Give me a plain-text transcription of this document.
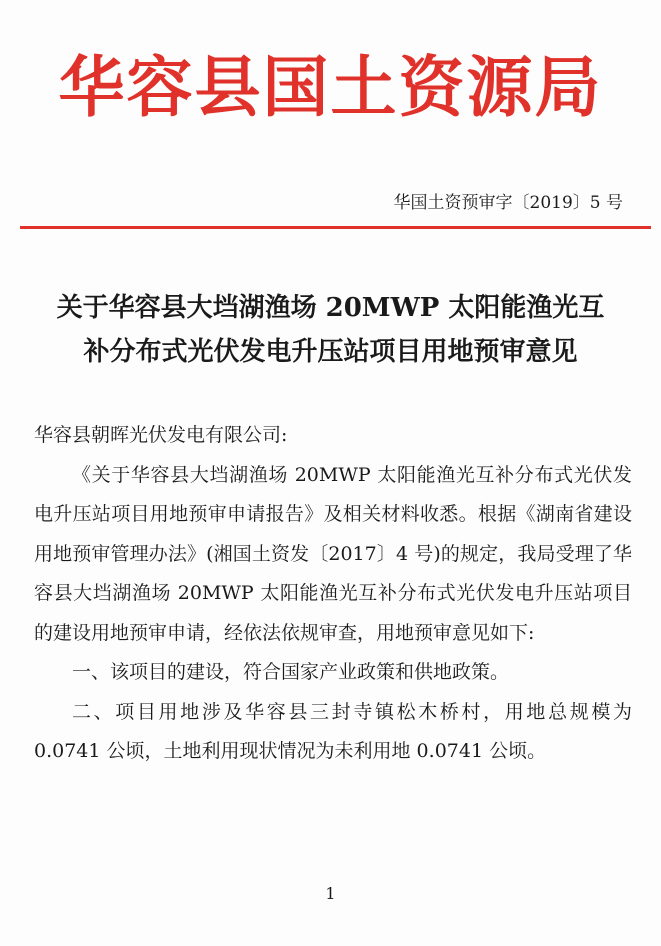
华容县国土资源局
华国土资预审字〔2019〕5 号
关于华容县大垱湖渔场 20MWP 太阳能渔光互
补分布式光伏发电升压站项目用地预审意见

华容县朝晖光伏发电有限公司:

《关于华容县大垱湖渔场 20MWP 太阳能渔光互补分布式光伏发电升压站项目用地预审申请报告》及相关材料收悉。根据《湖南省建设用地预审管理办法》(湘国土资发〔2017〕4 号)的规定，我局受理了华容县大垱湖渔场 20MWP 太阳能渔光互补分布式光伏发电升压站项目的建设用地预审申请，经依法依规审查，用地预审意见如下:

一、该项目的建设，符合国家产业政策和供地政策。

二、项目用地涉及华容县三封寺镇松木桥村，用地总规模为 0.0741 公顷，土地利用现状情况为未利用地 0.0741 公顷。

1
